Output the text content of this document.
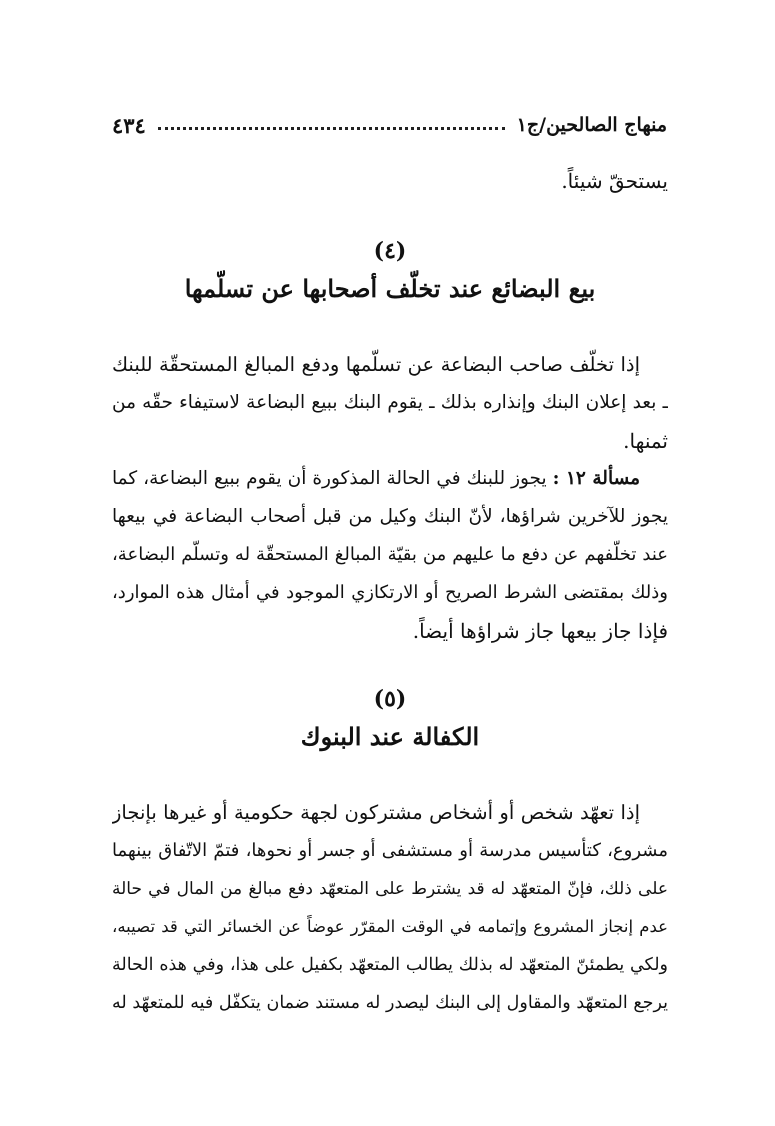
منهاج الصالحين/ج١
٤٣٤
يستحقّ شيئاً.
(٤)
بيع البضائع عند تخلّف أصحابها عن تسلّمها
إذا تخلّف صاحب البضاعة عن تسلّمها ودفع المبالغ المستحقّة للبنك
ـ بعد إعلان البنك وإنذاره بذلك ـ يقوم البنك ببيع البضاعة لاستيفاء حقّه من
ثمنها.
مسألة ١٢ : يجوز للبنك في الحالة المذكورة أن يقوم ببيع البضاعة، كما
يجوز للآخرين شراؤها، لأنّ البنك وكيل من قبل أصحاب البضاعة في بيعها
عند تخلّفهم عن دفع ما عليهم من بقيّة المبالغ المستحقّة له وتسلّم البضاعة،
وذلك بمقتضى الشرط الصريح أو الارتكازي الموجود في أمثال هذه الموارد،
فإذا جاز بيعها جاز شراؤها أيضاً.
(٥)
الكفالة عند البنوك
إذا تعهّد شخص أو أشخاص مشتركون لجهة حكومية أو غيرها بإنجاز
مشروع، كتأسيس مدرسة أو مستشفى أو جسر أو نحوها، فتمّ الاتّفاق بينهما
على ذلك، فإنّ المتعهّد له قد يشترط على المتعهّد دفع مبالغ من المال في حالة
عدم إنجاز المشروع وإتمامه في الوقت المقرّر عوضاً عن الخسائر التي قد تصيبه،
ولكي يطمئنّ المتعهّد له بذلك يطالب المتعهّد بكفيل على هذا، وفي هذه الحالة
يرجع المتعهّد والمقاول إلى البنك ليصدر له مستند ضمان يتكفّل فيه للمتعهّد له
